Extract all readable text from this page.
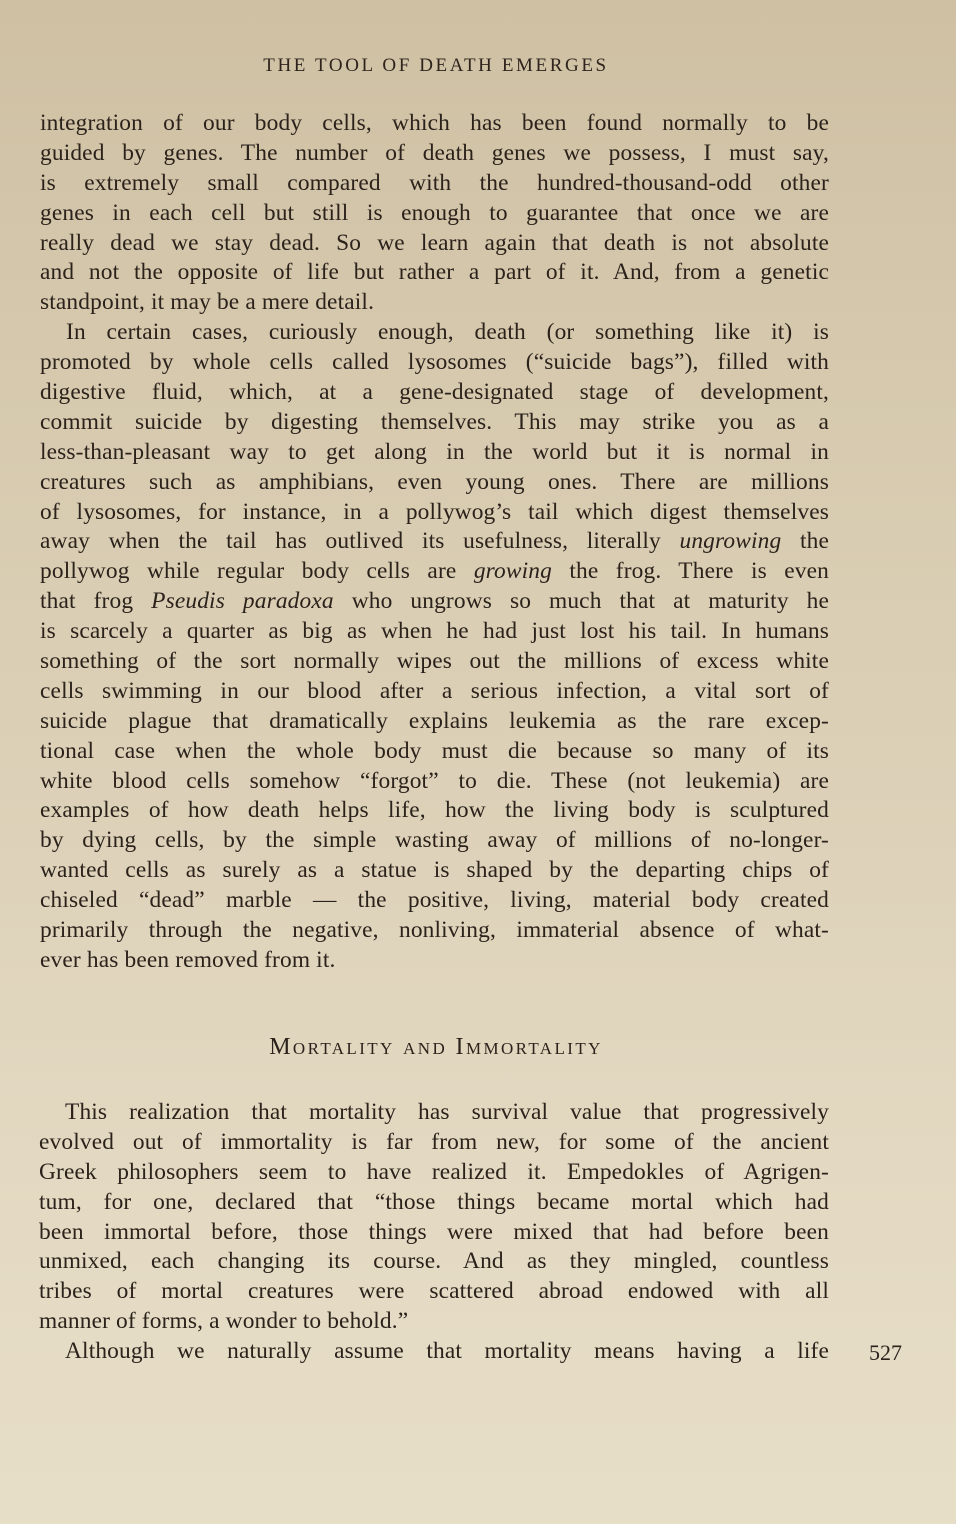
THE TOOL OF DEATH EMERGES
integration of our body cells, which has been found normally to be
guided by genes. The number of death genes we possess, I must say,
is extremely small compared with the hundred-thousand-odd other
genes in each cell but still is enough to guarantee that once we are
really dead we stay dead. So we learn again that death is not absolute
and not the opposite of life but rather a part of it. And, from a genetic
standpoint, it may be a mere detail.
In certain cases, curiously enough, death (or something like it) is
promoted by whole cells called lysosomes (“suicide bags”), filled with
digestive fluid, which, at a gene-designated stage of development,
commit suicide by digesting themselves. This may strike you as a
less-than-pleasant way to get along in the world but it is normal in
creatures such as amphibians, even young ones. There are millions
of lysosomes, for instance, in a pollywog’s tail which digest themselves
away when the tail has outlived its usefulness, literally ungrowing the
pollywog while regular body cells are growing the frog. There is even
that frog Pseudis paradoxa who ungrows so much that at maturity he
is scarcely a quarter as big as when he had just lost his tail. In humans
something of the sort normally wipes out the millions of excess white
cells swimming in our blood after a serious infection, a vital sort of
suicide plague that dramatically explains leukemia as the rare excep-
tional case when the whole body must die because so many of its
white blood cells somehow “forgot” to die. These (not leukemia) are
examples of how death helps life, how the living body is sculptured
by dying cells, by the simple wasting away of millions of no-longer-
wanted cells as surely as a statue is shaped by the departing chips of
chiseled “dead” marble — the positive, living, material body created
primarily through the negative, nonliving, immaterial absence of what-
ever has been removed from it.
Mortality and Immortality
This realization that mortality has survival value that progressively
evolved out of immortality is far from new, for some of the ancient
Greek philosophers seem to have realized it. Empedokles of Agrigen-
tum, for one, declared that “those things became mortal which had
been immortal before, those things were mixed that had before been
unmixed, each changing its course. And as they mingled, countless
tribes of mortal creatures were scattered abroad endowed with all
manner of forms, a wonder to behold.”
Although we naturally assume that mortality means having a life 527
